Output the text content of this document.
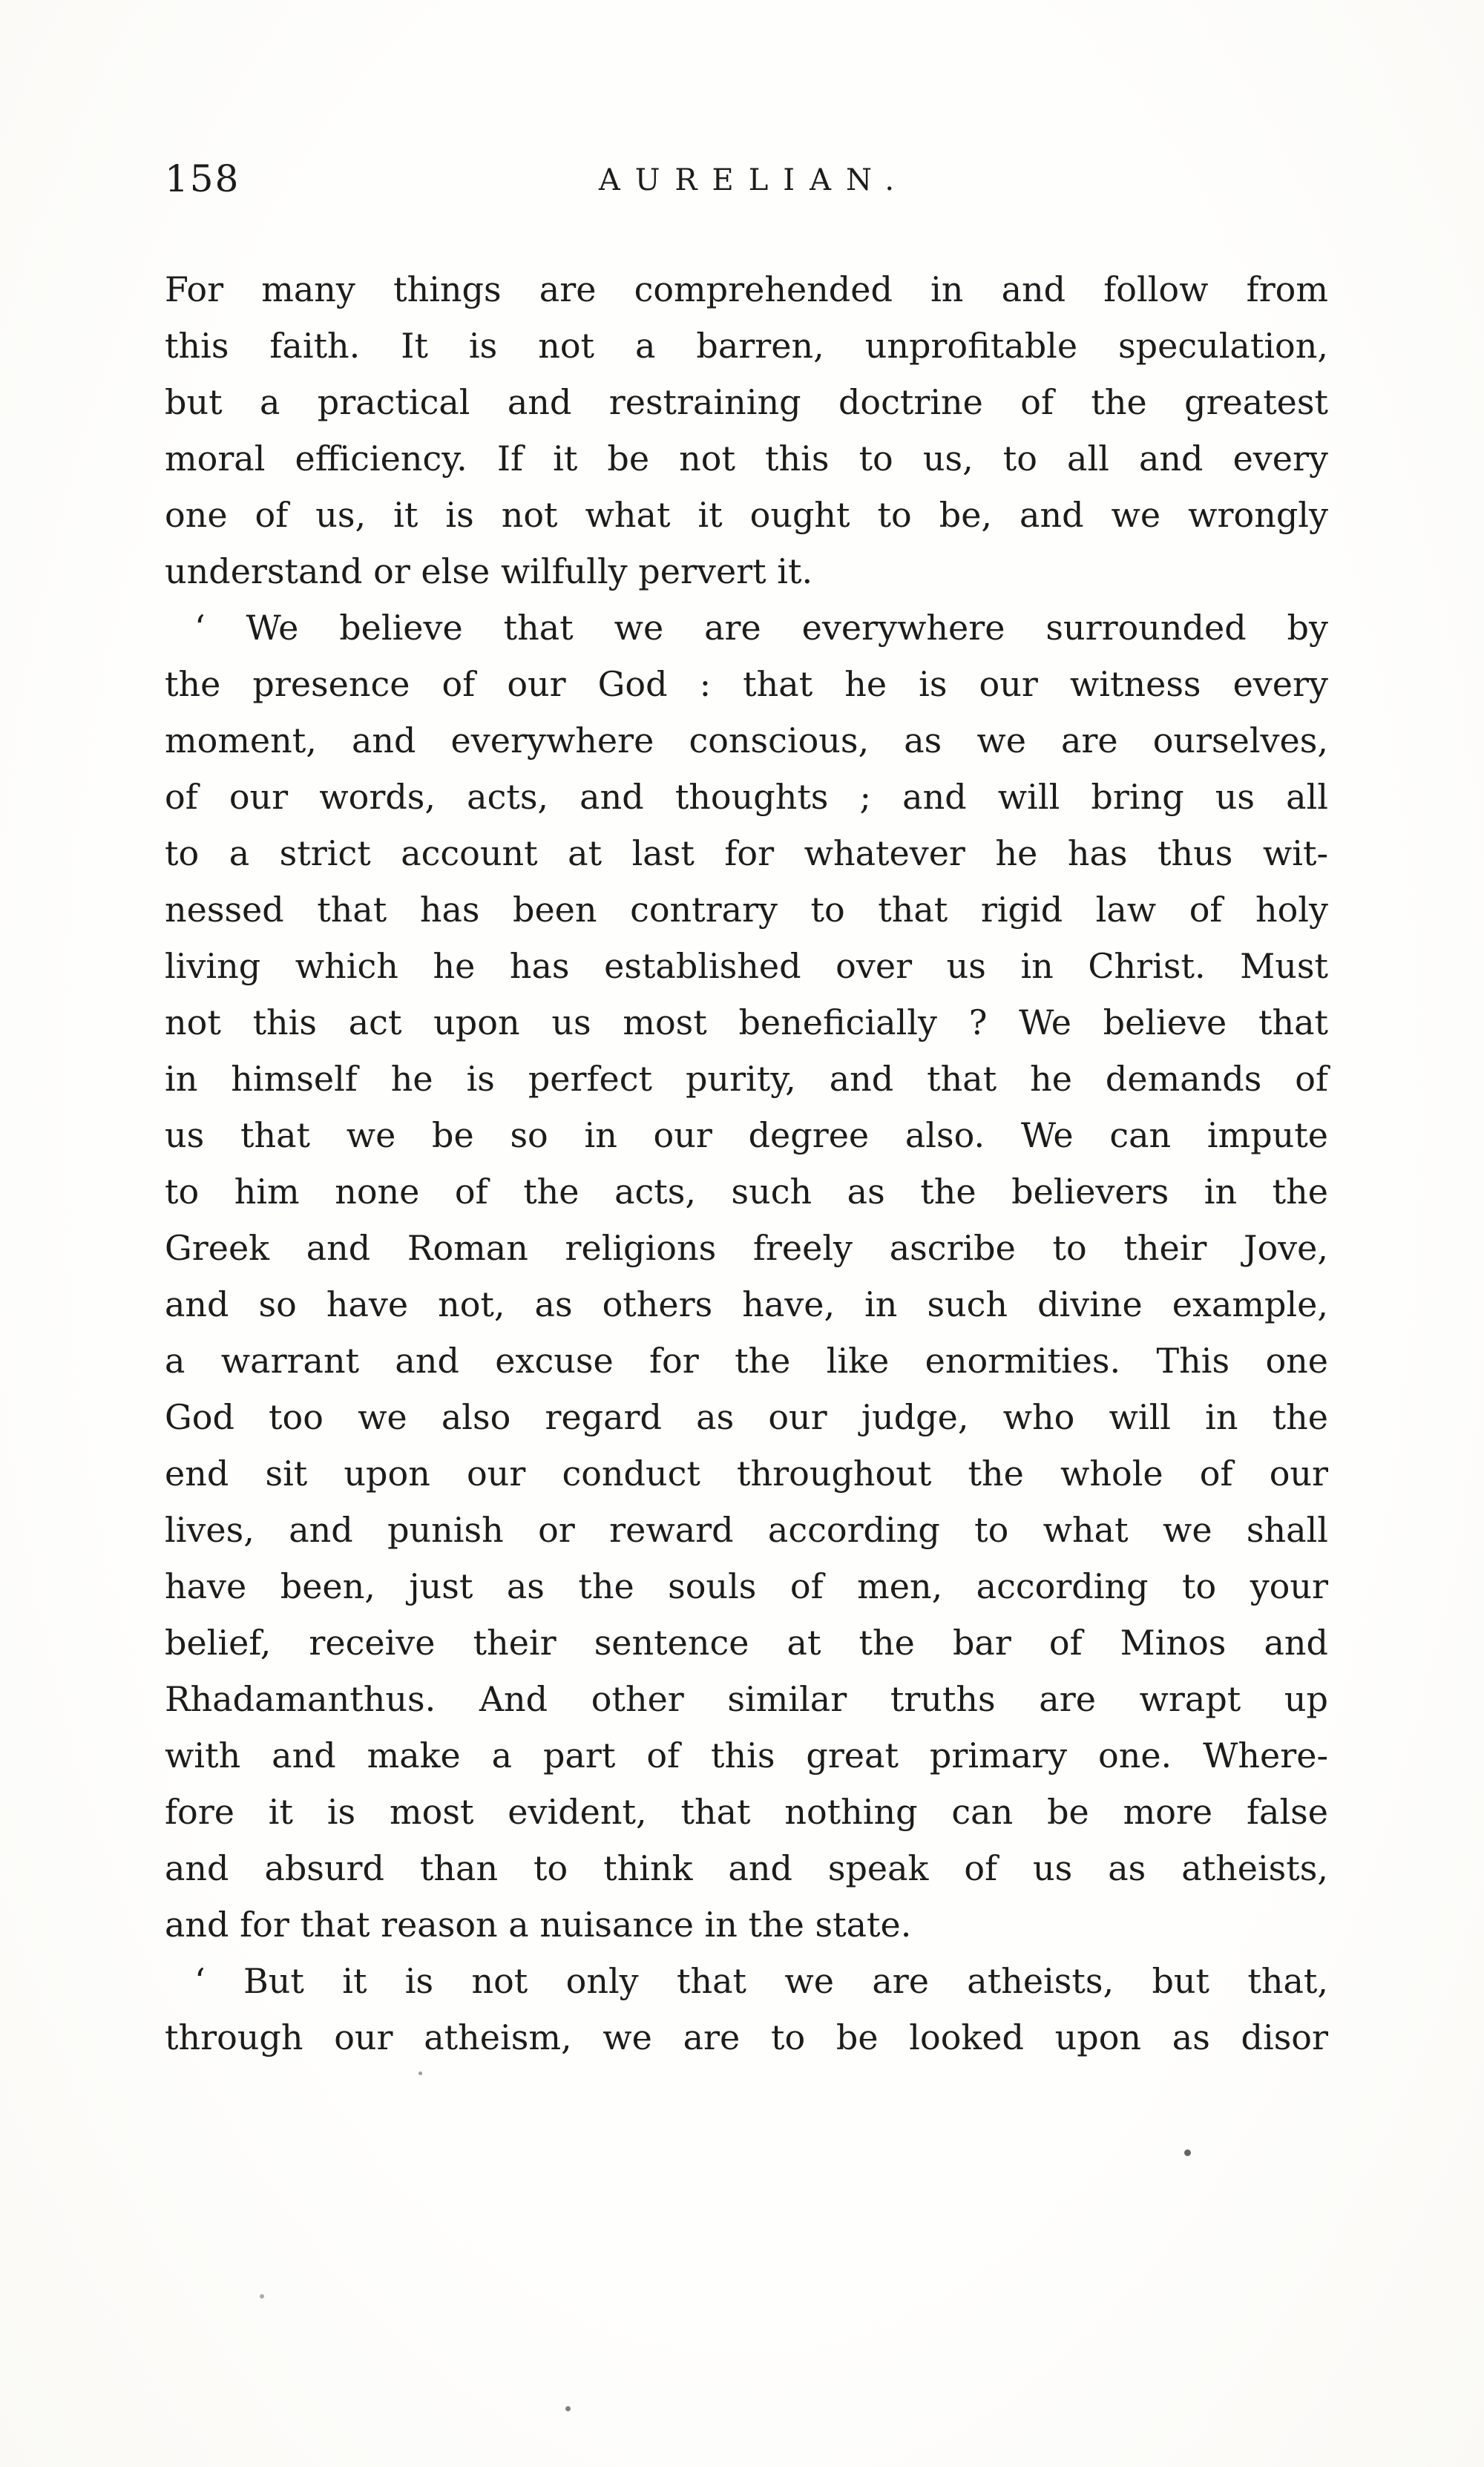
158	AURELIAN.
For many things are comprehended in and follow from
this faith. It is not a barren, unprofitable speculation,
but a practical and restraining doctrine of the greatest
moral efficiency. If it be not this to us, to all and every
one of us, it is not what it ought to be, and we wrongly
understand or else wilfully pervert it.
‘ We believe that we are everywhere surrounded by
the presence of our God : that he is our witness every
moment, and everywhere conscious, as we are ourselves,
of our words, acts, and thoughts ; and will bring us all
to a strict account at last for whatever he has thus wit-
nessed that has been contrary to that rigid law of holy
living which he has established over us in Christ. Must
not this act upon us most beneficially ? We believe that
in himself he is perfect purity, and that he demands of
us that we be so in our degree also. We can impute
to him none of the acts, such as the believers in the
Greek and Roman religions freely ascribe to their Jove,
and so have not, as others have, in such divine example,
a warrant and excuse for the like enormities. This one
God too we also regard as our judge, who will in the
end sit upon our conduct throughout the whole of our
lives, and punish or reward according to what we shall
have been, just as the souls of men, according to your
belief, receive their sentence at the bar of Minos and
Rhadamanthus. And other similar truths are wrapt up
with and make a part of this great primary one. Where-
fore it is most evident, that nothing can be more false
and absurd than to think and speak of us as atheists,
and for that reason a nuisance in the state.
‘ But it is not only that we are atheists, but that,
through our atheism, we are to be looked upon as disor
